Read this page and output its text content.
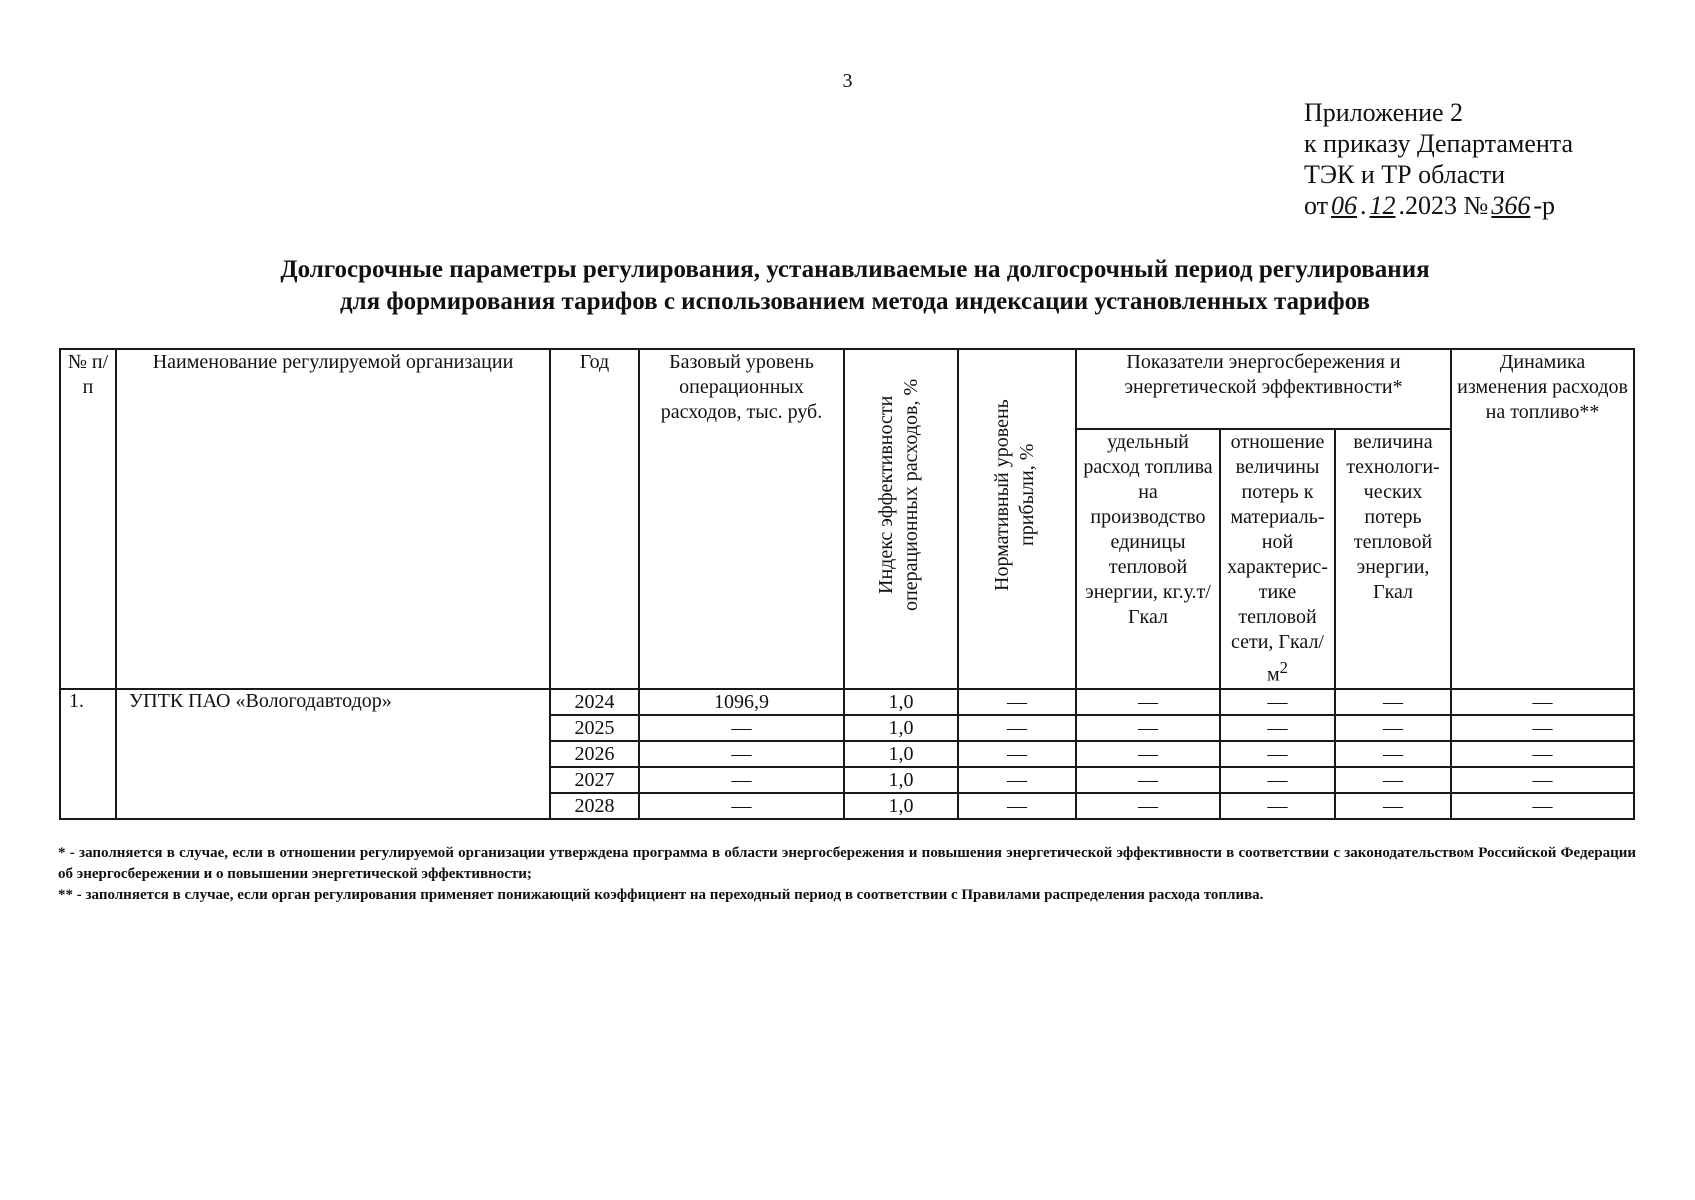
3
Приложение 2
к приказу Департамента
ТЭК и ТР области
от 06 . 12 .2023 № 366 -р
Долгосрочные параметры регулирования, устанавливаемые на долгосрочный период регулирования
для формирования тарифов с использованием метода индексации установленных тарифов
№ п/п	Наименование регулируемой организации	Год	Базовый уровень операционных расходов, тыс. руб.	Индекс эффективности операционных расходов, %	Нормативный уровень прибыли, %	Показатели энергосбережения и энергетической эффективности*			Динамика изменения расходов на топливо**
						удельный расход топлива на производство единицы тепловой энергии, кг.у.т/Гкал	отношение величины потерь к материаль-ной характерис-тике тепловой сети, Гкал/$м^2$	величина технологи-ческих потерь тепловой энергии, Гкал	
1.	УПТК ПАО «Вологодавтодор»	2024	1096,9	1,0	—	—	—	—	—
		2025	—	1,0	—	—	—	—	—
		2026	—	1,0	—	—	—	—	—
		2027	—	1,0	—	—	—	—	—
		2028	—	1,0	—	—	—	—	—

* - заполняется в случае, если в отношении регулируемой организации утверждена программа в области энергосбережения и повышения энергетической эффективности в соответствии с законодательством Российской Федерации об энергосбережении и о повышении энергетической эффективности;

** - заполняется в случае, если орган регулирования применяет понижающий коэффициент на переходный период в соответствии с Правилами распределения расхода топлива.
